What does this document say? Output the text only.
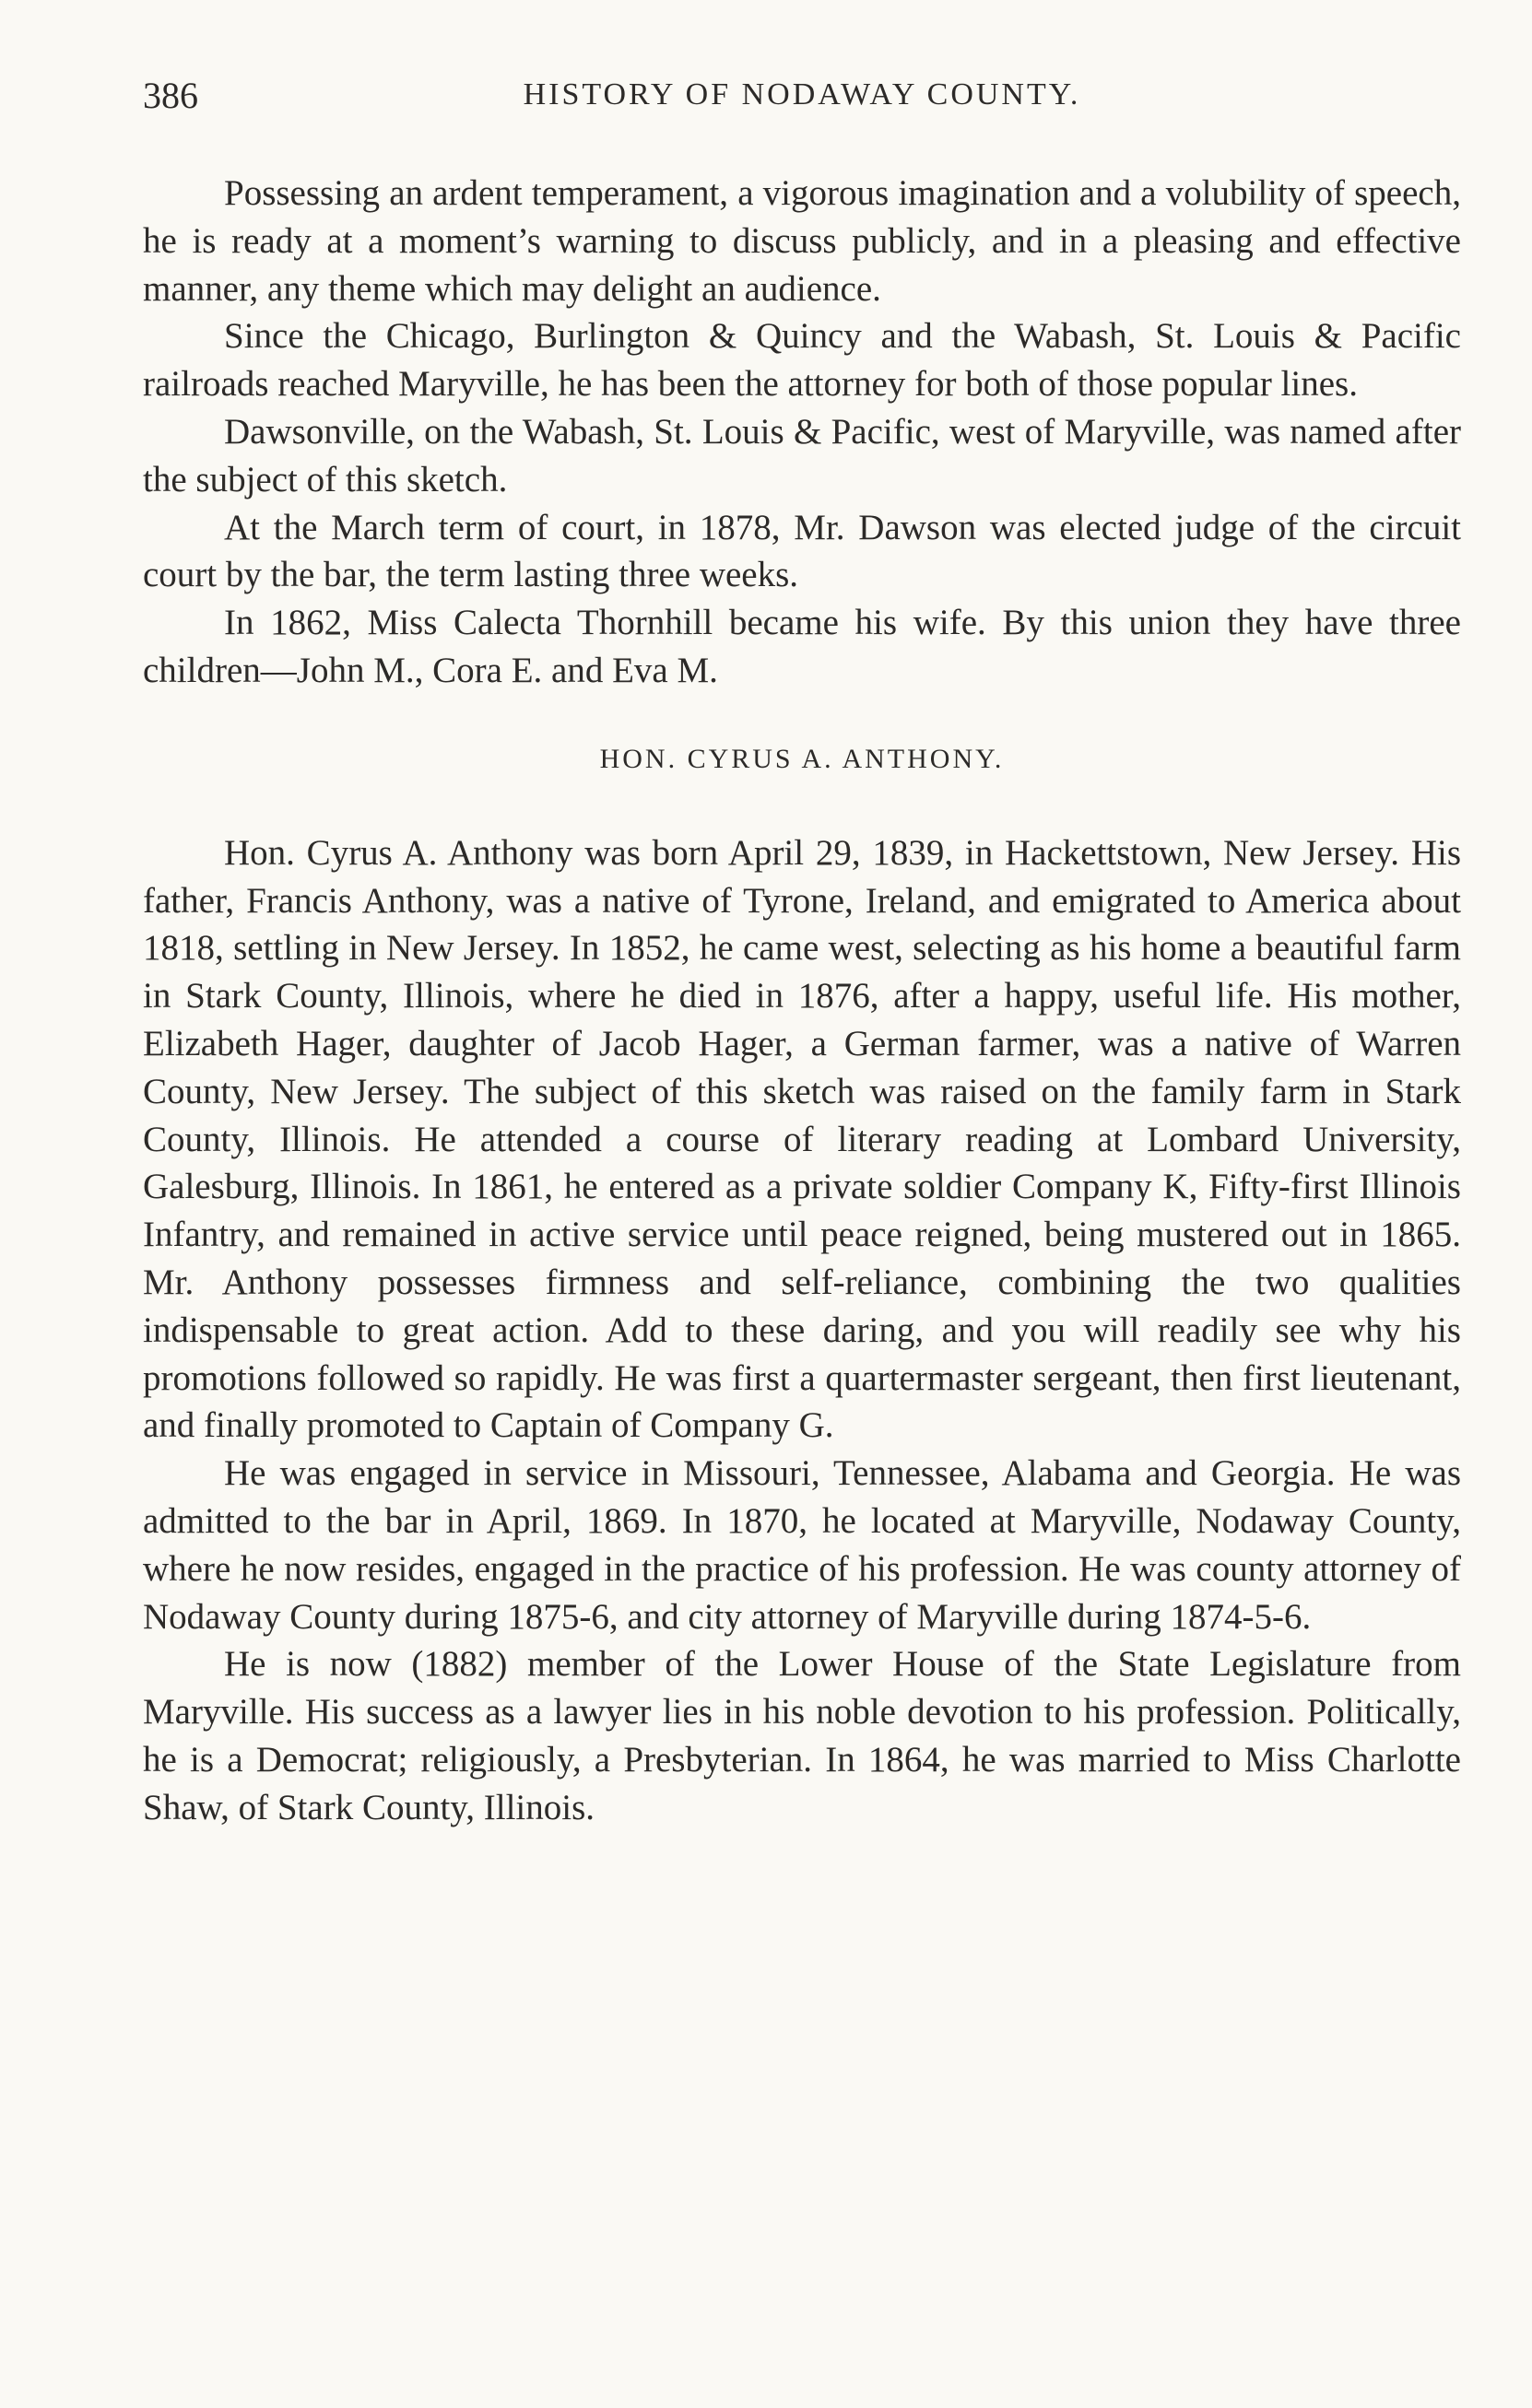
386	HISTORY OF NODAWAY COUNTY.

Possessing an ardent temperament, a vigorous imagination and a volubility of speech, he is ready at a moment’s warning to discuss publicly, and in a pleasing and effective manner, any theme which may delight an audience.

Since the Chicago, Burlington & Quincy and the Wabash, St. Louis & Pacific railroads reached Maryville, he has been the attorney for both of those popular lines.

Dawsonville, on the Wabash, St. Louis & Pacific, west of Maryville, was named after the subject of this sketch.

At the March term of court, in 1878, Mr. Dawson was elected judge of the circuit court by the bar, the term lasting three weeks.

In 1862, Miss Calecta Thornhill became his wife. By this union they have three children—John M., Cora E. and Eva M.

HON. CYRUS A. ANTHONY.

Hon. Cyrus A. Anthony was born April 29, 1839, in Hackettstown, New Jersey. His father, Francis Anthony, was a native of Tyrone, Ireland, and emigrated to America about 1818, settling in New Jersey. In 1852, he came west, selecting as his home a beautiful farm in Stark County, Illinois, where he died in 1876, after a happy, useful life. His mother, Elizabeth Hager, daughter of Jacob Hager, a German farmer, was a native of Warren County, New Jersey. The subject of this sketch was raised on the family farm in Stark County, Illinois. He attended a course of literary reading at Lombard University, Galesburg, Illinois. In 1861, he entered as a private soldier Company K, Fifty-first Illinois Infantry, and remained in active service until peace reigned, being mustered out in 1865. Mr. Anthony possesses firmness and self-reliance, combining the two qualities indispensable to great action. Add to these daring, and you will readily see why his promotions followed so rapidly. He was first a quartermaster sergeant, then first lieutenant, and finally promoted to Captain of Company G.

He was engaged in service in Missouri, Tennessee, Alabama and Georgia. He was admitted to the bar in April, 1869. In 1870, he located at Maryville, Nodaway County, where he now resides, engaged in the practice of his profession. He was county attorney of Nodaway County during 1875-6, and city attorney of Maryville during 1874-5-6.

He is now (1882) member of the Lower House of the State Legislature from Maryville. His success as a lawyer lies in his noble devotion to his profession. Politically, he is a Democrat; religiously, a Presbyterian. In 1864, he was married to Miss Charlotte Shaw, of Stark County, Illinois.
